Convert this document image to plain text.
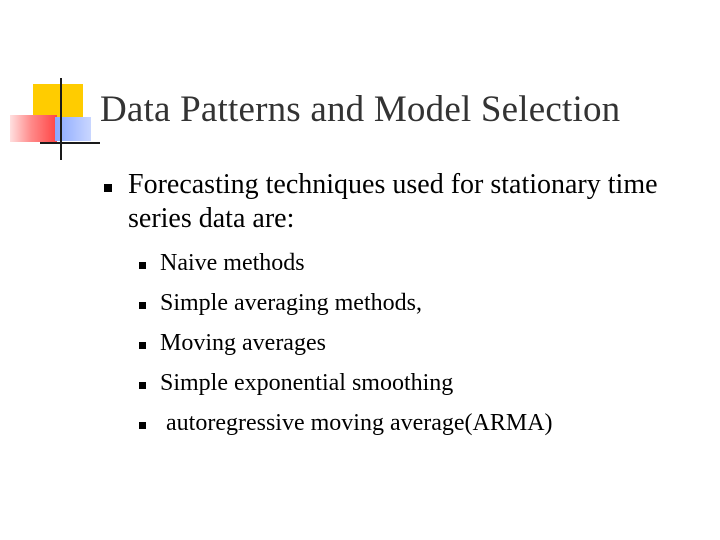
Data Patterns and Model Selection
Forecasting techniques used for stationary time series data are:
Naive methods
Simple averaging methods,
Moving averages
Simple exponential smoothing
autoregressive moving average(ARMA)
